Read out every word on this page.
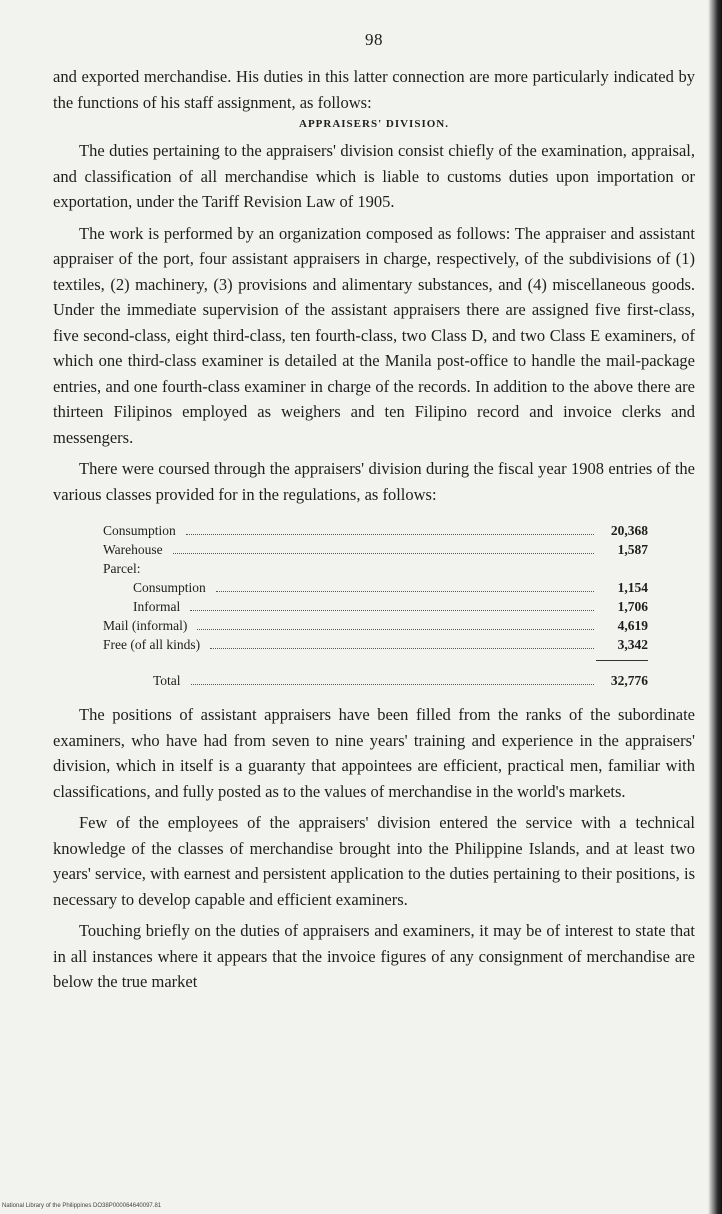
98

and exported merchandise. His duties in this latter connection are more particularly indicated by the functions of his staff assignment, as follows:

APPRAISERS' DIVISION.

The duties pertaining to the appraisers' division consist chiefly of the examination, appraisal, and classification of all merchandise which is liable to customs duties upon importation or exportation, under the Tariff Revision Law of 1905.

The work is performed by an organization composed as follows: The appraiser and assistant appraiser of the port, four assistant appraisers in charge, respectively, of the subdivisions of (1) textiles, (2) machinery, (3) provisions and alimentary substances, and (4) miscellaneous goods. Under the immediate supervision of the assistant appraisers there are assigned five first-class, five second-class, eight third-class, ten fourth-class, two Class D, and two Class E examiners, of which one third-class examiner is detailed at the Manila post-office to handle the mail-package entries, and one fourth-class examiner in charge of the records. In addition to the above there are thirteen Filipinos employed as weighers and ten Filipino record and invoice clerks and messengers.

There were coursed through the appraisers' division during the fiscal year 1908 entries of the various classes provided for in the regulations, as follows:

Consumption	20,368
Warehouse	1,587
Parcel:
Consumption	1,154
Informal	1,706
Mail (informal)	4,619
Free (of all kinds)	3,342
Total	32,776

The positions of assistant appraisers have been filled from the ranks of the subordinate examiners, who have had from seven to nine years' training and experience in the appraisers' division, which in itself is a guaranty that appointees are efficient, practical men, familiar with classifications, and fully posted as to the values of merchandise in the world's markets.

Few of the employees of the appraisers' division entered the service with a technical knowledge of the classes of merchandise brought into the Philippine Islands, and at least two years' service, with earnest and persistent application to the duties pertaining to their positions, is necessary to develop capable and efficient examiners.

Touching briefly on the duties of appraisers and examiners, it may be of interest to state that in all instances where it appears that the invoice figures of any consignment of merchandise are below the true market

National Library of the Philippines DO38P000064640097.81
